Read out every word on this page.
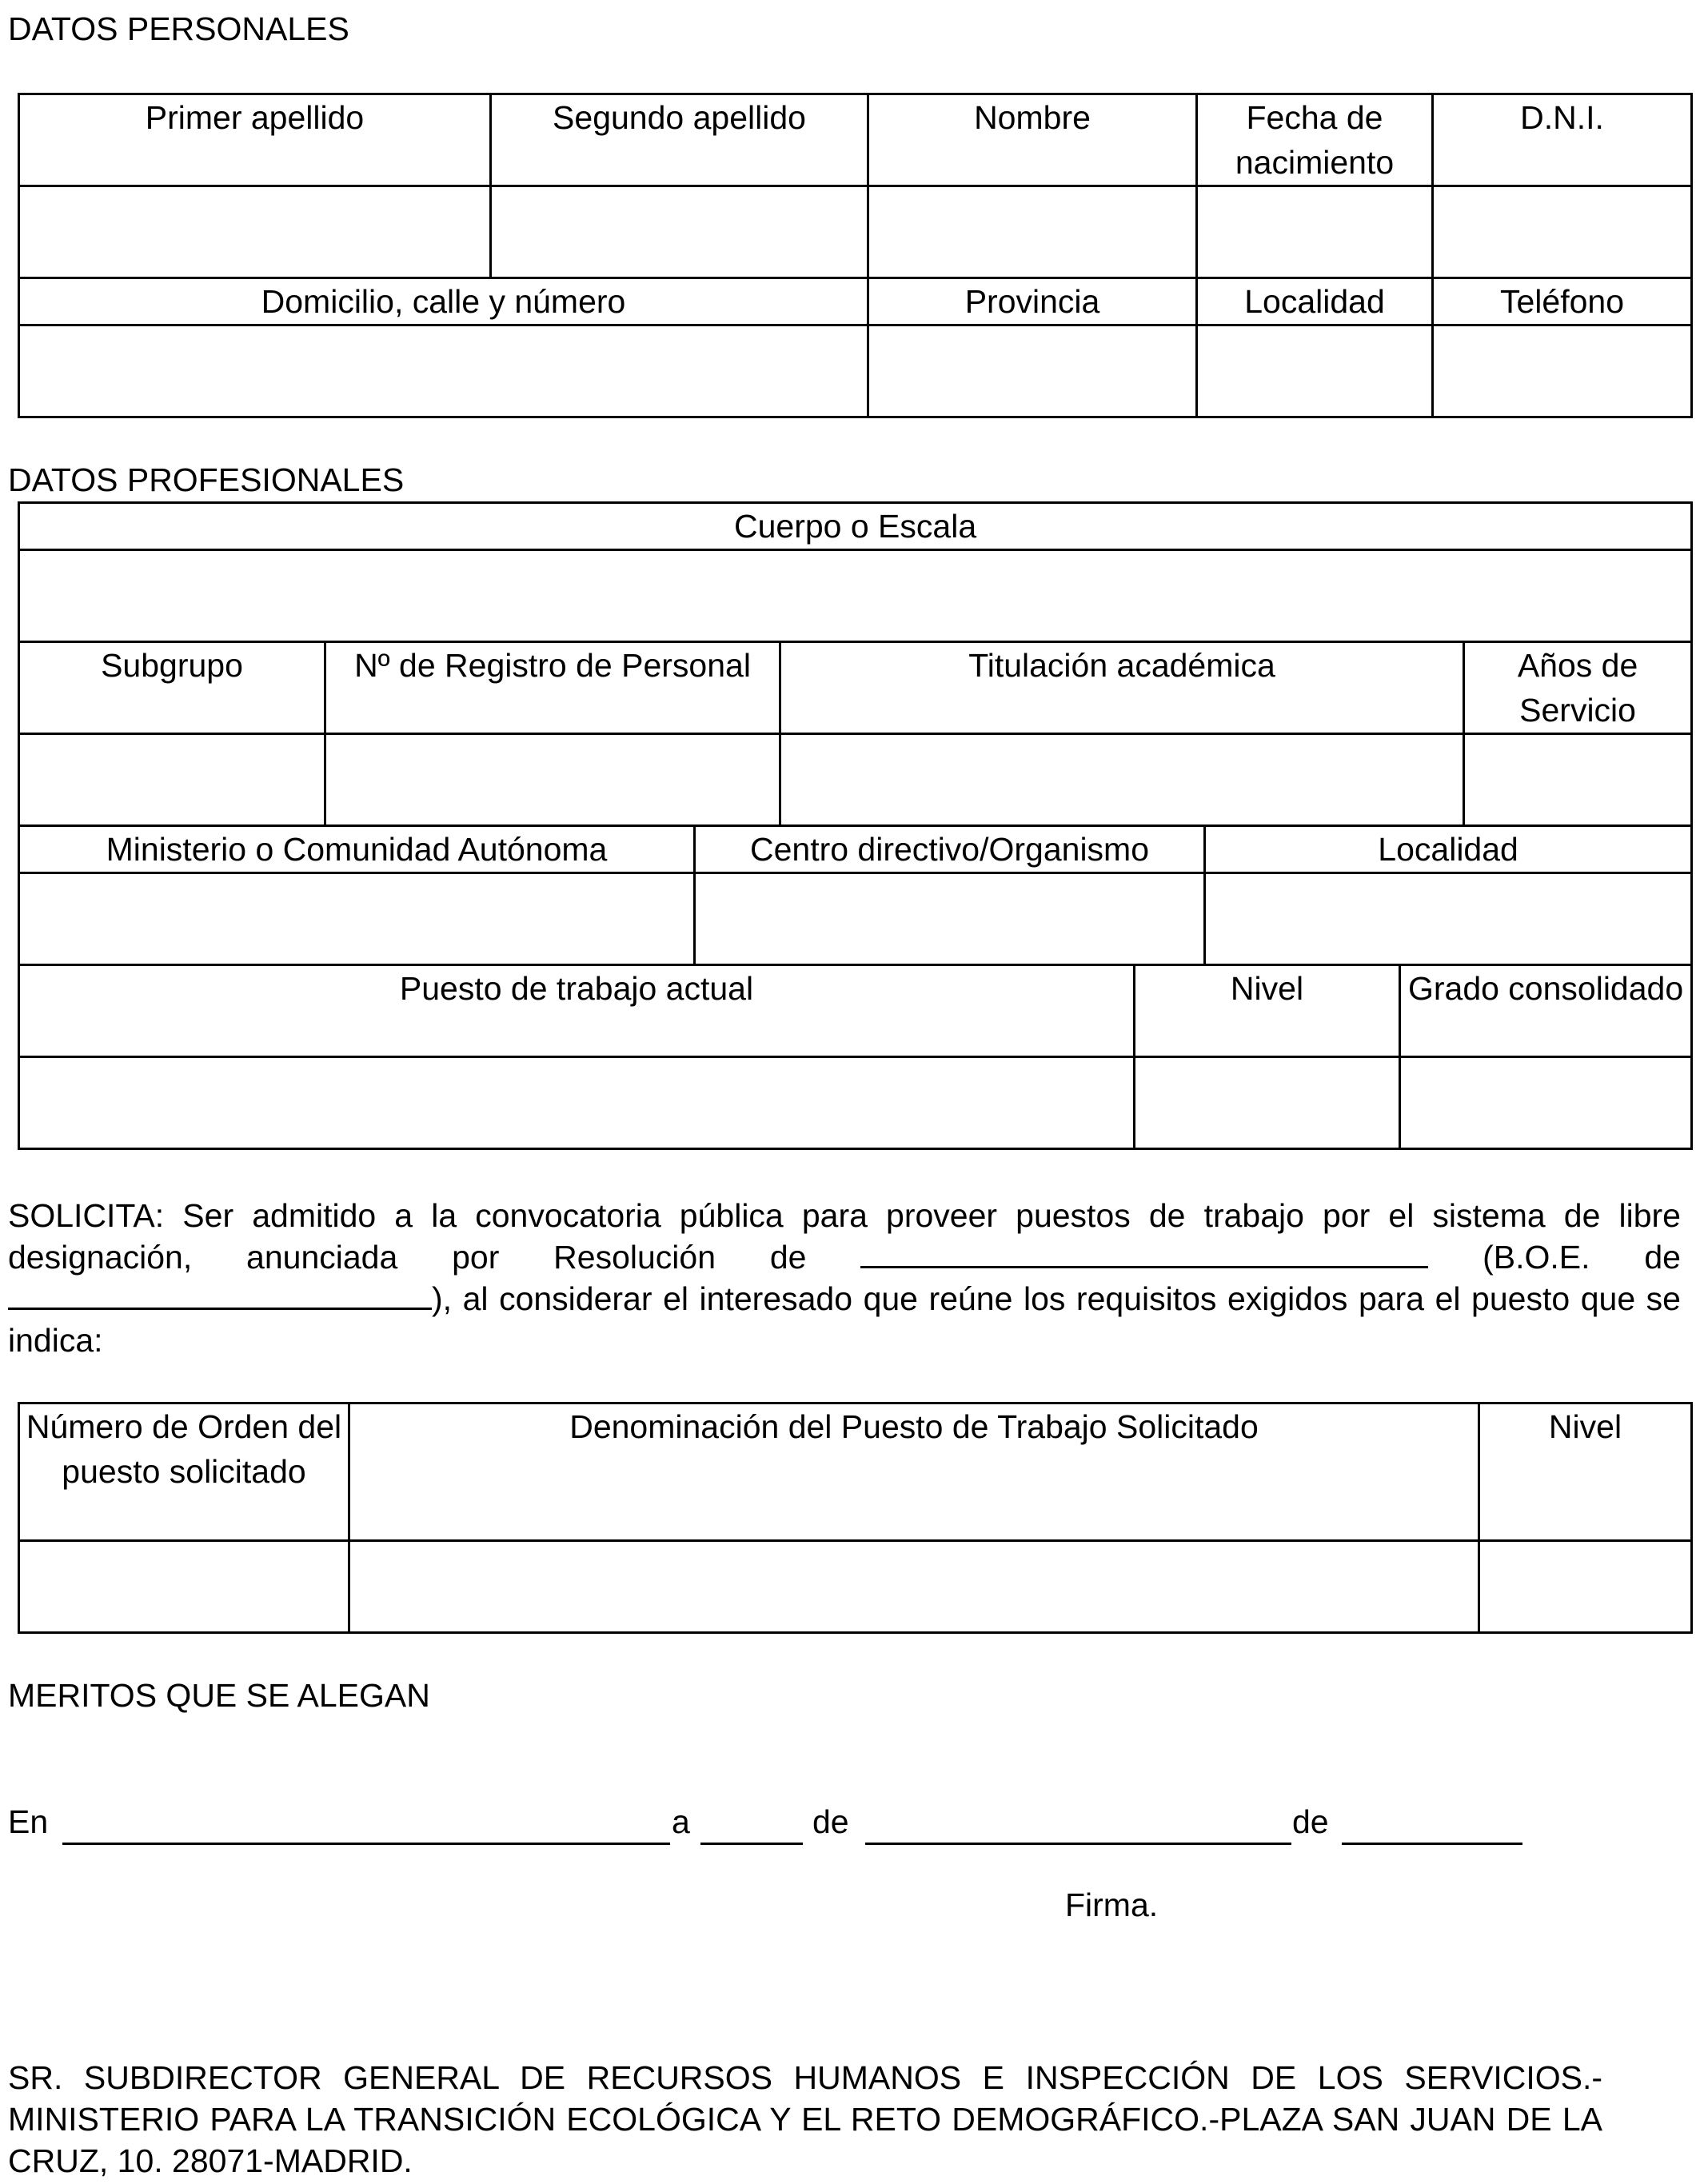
DATOS PERSONALES
Primer apellido	Segundo apellido	Nombre	Fecha de nacimiento	D.N.I.

Domicilio, calle y número		Provincia	Localidad	Teléfono

DATOS PROFESIONALES
Cuerpo o Escala							

Subgrupo	Nº de Registro de Personal		Titulación académica				Años de Servicio

Ministerio o Comunidad Autónoma		Centro directivo/Organismo			Localidad		

Puesto de trabajo actual				Nivel		Grado consolidado	

SOLICITA: Ser admitido a la convocatoria pública para proveer puestos de trabajo por el sistema de libre designación, anunciada por Resolución de	(B.O.E. de), al considerar el interesado que reúne los requisitos exigidos para el puesto que se indica:
Número de Orden del puesto solicitado	Denominación del Puesto de Trabajo Solicitado	Nivel

MERITOS QUE SE ALEGAN
En	a	de	de
Firma.
SR. SUBDIRECTOR GENERAL DE RECURSOS HUMANOS E INSPECCIÓN DE LOS SERVICIOS.-MINISTERIO PARA LA TRANSICIÓN ECOLÓGICA Y EL RETO DEMOGRÁFICO.-PLAZA SAN JUAN DE LA CRUZ, 10. 28071-MADRID.
